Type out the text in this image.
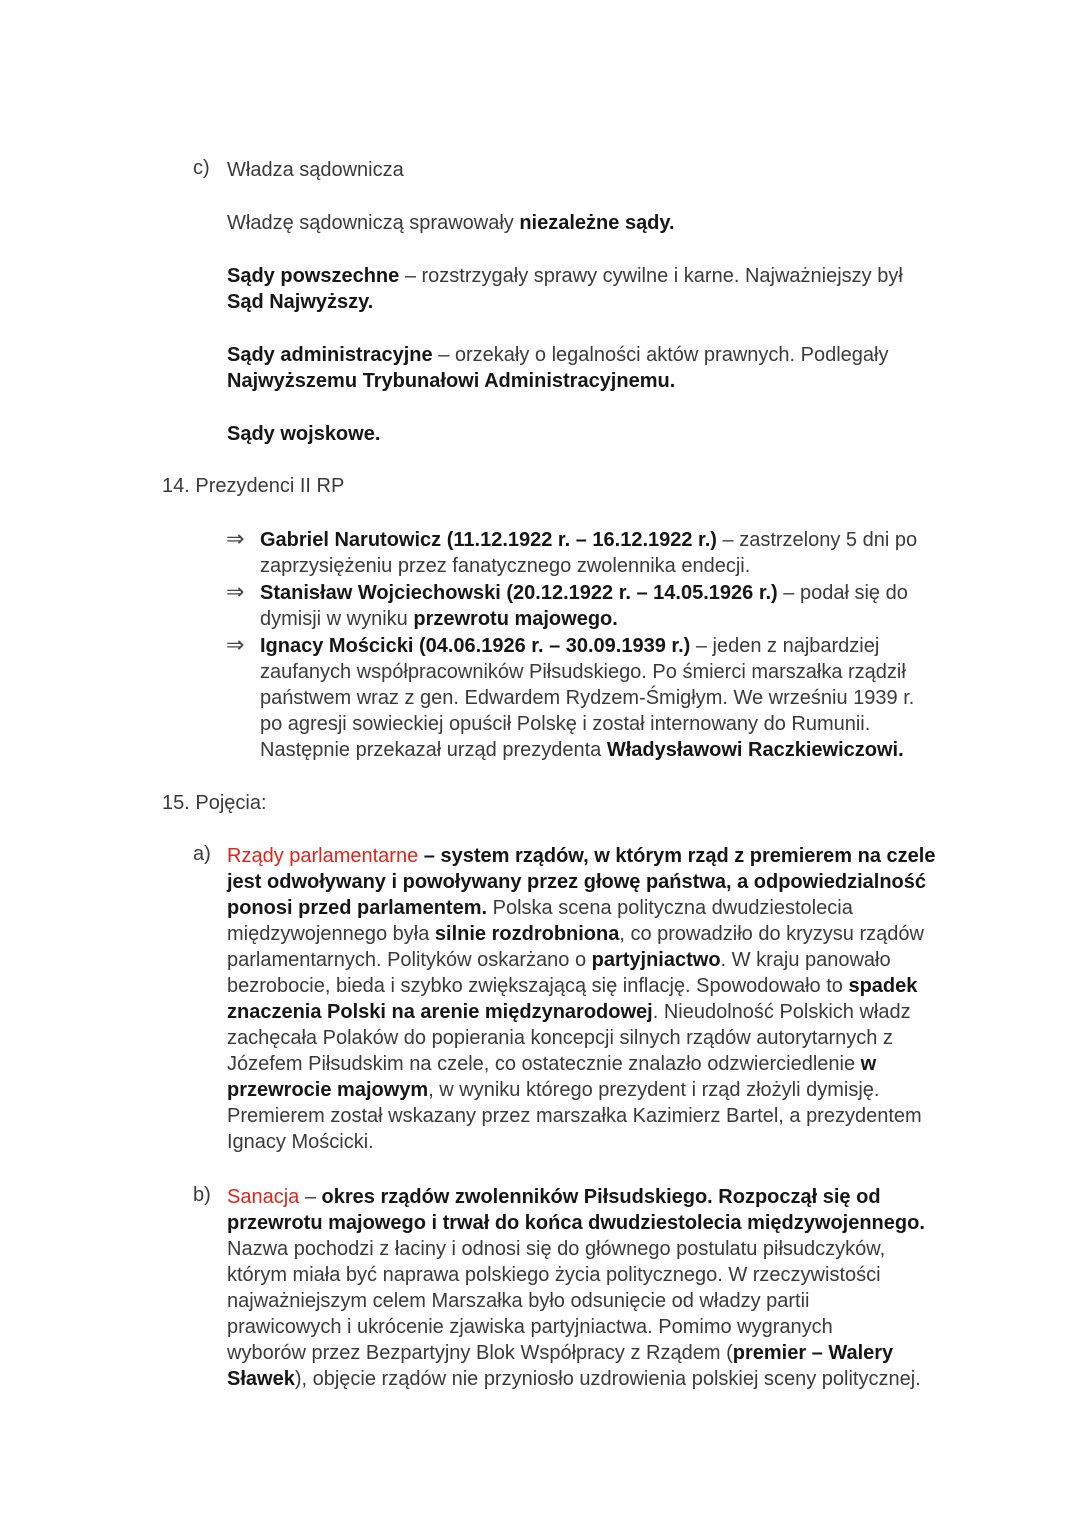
c) Władza sądownicza
Władzę sądowniczą sprawowały niezależne sądy.
Sądy powszechne – rozstrzygały sprawy cywilne i karne. Najważniejszy był
Sąd Najwyższy.
Sądy administracyjne – orzekały o legalności aktów prawnych. Podlegały
Najwyższemu Trybunałowi Administracyjnemu.
Sądy wojskowe.
14. Prezydenci II RP
⇒ Gabriel Narutowicz (11.12.1922 r. – 16.12.1922 r.) – zastrzelony 5 dni po
zaprzysiężeniu przez fanatycznego zwolennika endecji.
⇒ Stanisław Wojciechowski (20.12.1922 r. – 14.05.1926 r.) – podał się do
dymisji w wyniku przewrotu majowego.
⇒ Ignacy Mościcki (04.06.1926 r. – 30.09.1939 r.) – jeden z najbardziej
zaufanych współpracowników Piłsudskiego. Po śmierci marszałka rządził
państwem wraz z gen. Edwardem Rydzem-Śmigłym. We wrześniu 1939 r.
po agresji sowieckiej opuścił Polskę i został internowany do Rumunii.
Następnie przekazał urząd prezydenta Władysławowi Raczkiewiczowi.
15. Pojęcia:
a) Rządy parlamentarne – system rządów, w którym rząd z premierem na czele
jest odwoływany i powoływany przez głowę państwa, a odpowiedzialność
ponosi przed parlamentem. Polska scena polityczna dwudziestolecia
międzywojennego była silnie rozdrobniona, co prowadziło do kryzysu rządów
parlamentarnych. Polityków oskarżano o partyjniactwo. W kraju panowało
bezrobocie, bieda i szybko zwiększającą się inflację. Spowodowało to spadek
znaczenia Polski na arenie międzynarodowej. Nieudolność Polskich władz
zachęcała Polaków do popierania koncepcji silnych rządów autorytarnych z
Józefem Piłsudskim na czele, co ostatecznie znalazło odzwierciedlenie w
przewrocie majowym, w wyniku którego prezydent i rząd złożyli dymisję.
Premierem został wskazany przez marszałka Kazimierz Bartel, a prezydentem
Ignacy Mościcki.
b) Sanacja – okres rządów zwolenników Piłsudskiego. Rozpoczął się od
przewrotu majowego i trwał do końca dwudziestolecia międzywojennego.
Nazwa pochodzi z łaciny i odnosi się do głównego postulatu piłsudczyków,
którym miała być naprawa polskiego życia politycznego. W rzeczywistości
najważniejszym celem Marszałka było odsunięcie od władzy partii
prawicowych i ukrócenie zjawiska partyjniactwa. Pomimo wygranych
wyborów przez Bezpartyjny Blok Współpracy z Rządem (premier – Walery
Sławek), objęcie rządów nie przyniosło uzdrowienia polskiej sceny politycznej.
